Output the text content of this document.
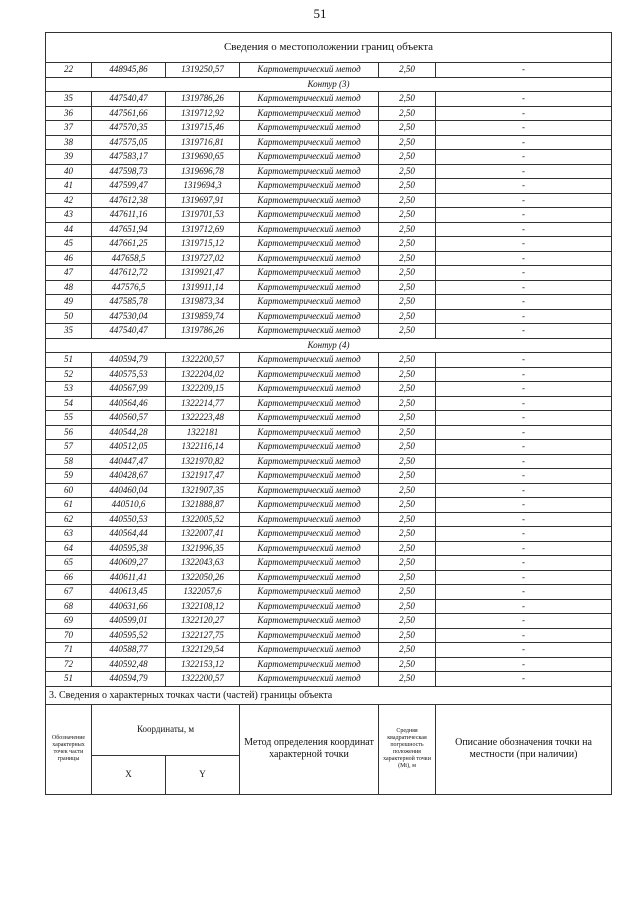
51
Сведения о местоположении границ объекта					
22	448945,86	1319250,57	Картометрический метод	2,50	-
Контур (3)					
35	447540,47	1319786,26	Картометрический метод	2,50	-
36	447561,66	1319712,92	Картометрический метод	2,50	-
37	447570,35	1319715,46	Картометрический метод	2,50	-
38	447575,05	1319716,81	Картометрический метод	2,50	-
39	447583,17	1319690,65	Картометрический метод	2,50	-
40	447598,73	1319696,78	Картометрический метод	2,50	-
41	447599,47	1319694,3	Картометрический метод	2,50	-
42	447612,38	1319697,91	Картометрический метод	2,50	-
43	447611,16	1319701,53	Картометрический метод	2,50	-
44	447651,94	1319712,69	Картометрический метод	2,50	-
45	447661,25	1319715,12	Картометрический метод	2,50	-
46	447658,5	1319727,02	Картометрический метод	2,50	-
47	447612,72	1319921,47	Картометрический метод	2,50	-
48	447576,5	1319911,14	Картометрический метод	2,50	-
49	447585,78	1319873,34	Картометрический метод	2,50	-
50	447530,04	1319859,74	Картометрический метод	2,50	-
35	447540,47	1319786,26	Картометрический метод	2,50	-
Контур (4)					
51	440594,79	1322200,57	Картометрический метод	2,50	-
52	440575,53	1322204,02	Картометрический метод	2,50	-
53	440567,99	1322209,15	Картометрический метод	2,50	-
54	440564,46	1322214,77	Картометрический метод	2,50	-
55	440560,57	1322223,48	Картометрический метод	2,50	-
56	440544,28	1322181	Картометрический метод	2,50	-
57	440512,05	1322116,14	Картометрический метод	2,50	-
58	440447,47	1321970,82	Картометрический метод	2,50	-
59	440428,67	1321917,47	Картометрический метод	2,50	-
60	440460,04	1321907,35	Картометрический метод	2,50	-
61	440510,6	1321888,87	Картометрический метод	2,50	-
62	440550,53	1322005,52	Картометрический метод	2,50	-
63	440564,44	1322007,41	Картометрический метод	2,50	-
64	440595,38	1321996,35	Картометрический метод	2,50	-
65	440609,27	1322043,63	Картометрический метод	2,50	-
66	440611,41	1322050,26	Картометрический метод	2,50	-
67	440613,45	1322057,6	Картометрический метод	2,50	-
68	440631,66	1322108,12	Картометрический метод	2,50	-
69	440599,01	1322120,27	Картометрический метод	2,50	-
70	440595,52	1322127,75	Картометрический метод	2,50	-
71	440588,77	1322129,54	Картометрический метод	2,50	-
72	440592,48	1322153,12	Картометрический метод	2,50	-
51	440594,79	1322200,57	Картометрический метод	2,50	-
3. Сведения о характерных точках части (частей) границы объекта					

Обозначение характерных точек части границы	Координаты, м		Метод определения координат характерной точки	Средняя квадратическая погрешность положения характерной точки (Mt), м	Описание обозначения точки на местности (при наличии)

	X	Y			
